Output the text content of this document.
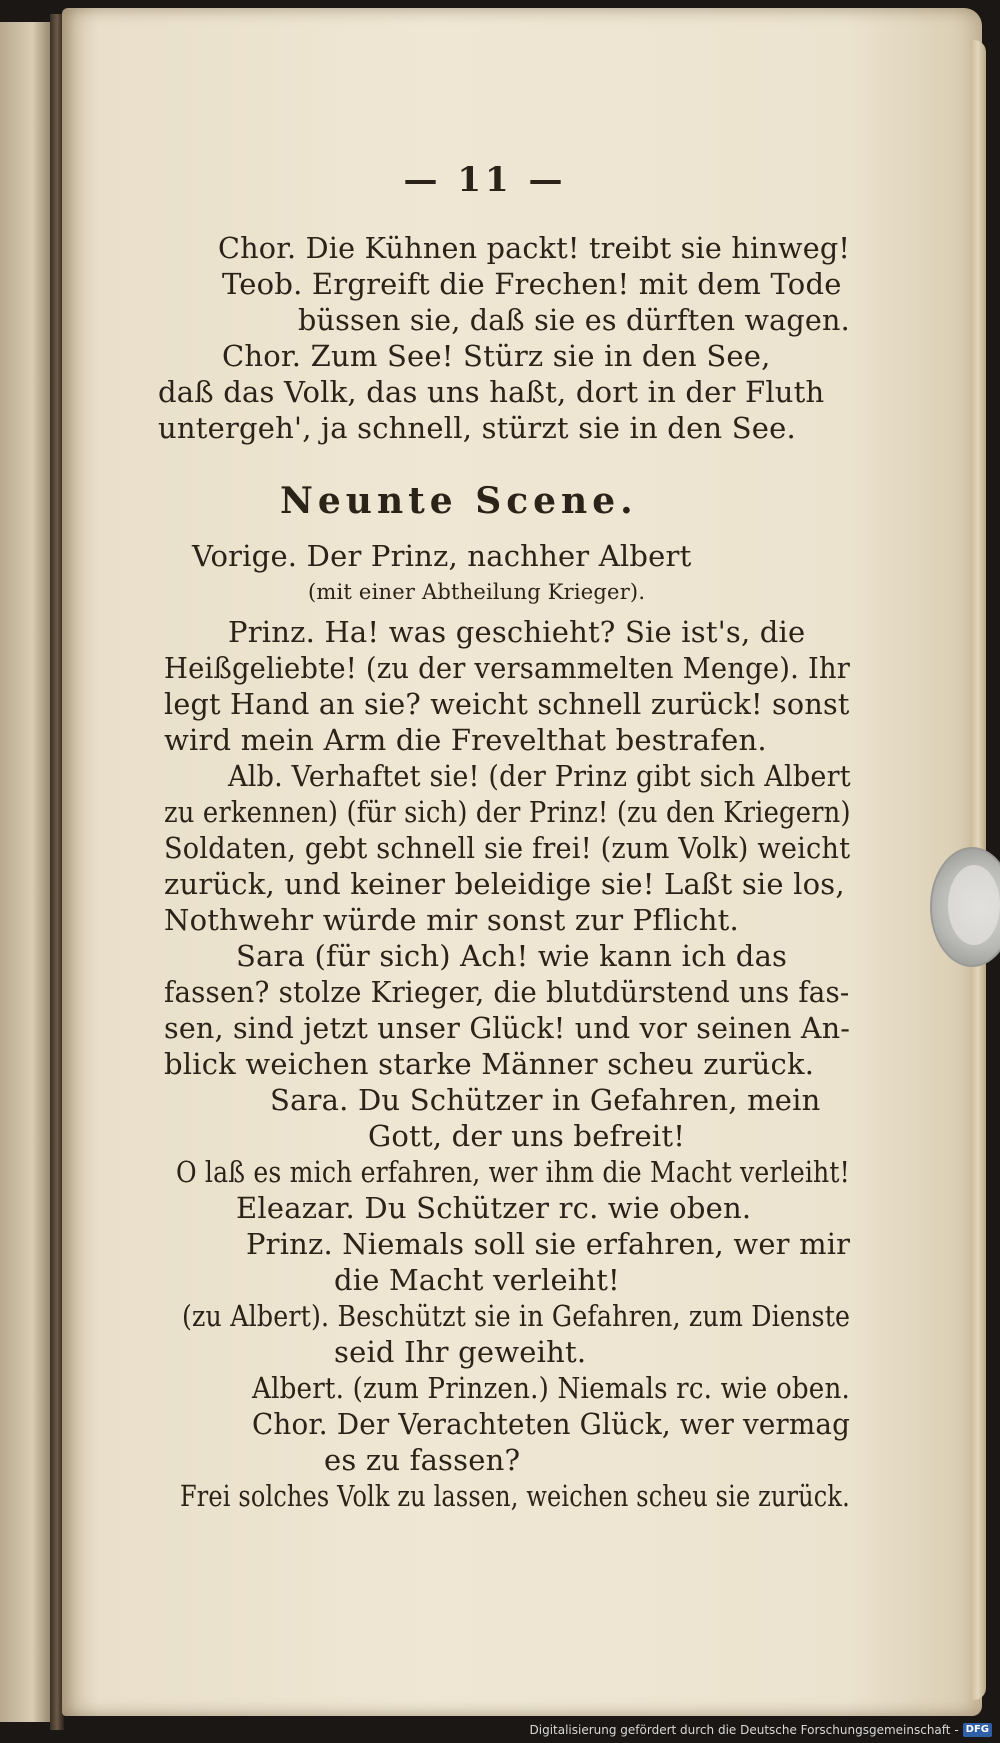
— 11 —
Chor. Die Kühnen packt! treibt sie hinweg!
Teob. Ergreift die Frechen! mit dem Tode
büssen sie, daß sie es dürften wagen.
Chor. Zum See! Stürz sie in den See,
daß das Volk, das uns haßt, dort in der Fluth
untergeh', ja schnell, stürzt sie in den See.
Neunte Scene.
Vorige. Der Prinz, nachher Albert
(mit einer Abtheilung Krieger).
Prinz. Ha! was geschieht? Sie ist's, die
Heißgeliebte! (zu der versammelten Menge). Ihr
legt Hand an sie? weicht schnell zurück! sonst
wird mein Arm die Frevelthat bestrafen.
Alb. Verhaftet sie! (der Prinz gibt sich Albert
zu erkennen) (für sich) der Prinz! (zu den Kriegern)
Soldaten, gebt schnell sie frei! (zum Volk) weicht
zurück, und keiner beleidige sie! Laßt sie los,
Nothwehr würde mir sonst zur Pflicht.
Sara (für sich) Ach! wie kann ich das
fassen? stolze Krieger, die blutdürstend uns fas-
sen, sind jetzt unser Glück! und vor seinen An-
blick weichen starke Männer scheu zurück.
Sara. Du Schützer in Gefahren, mein
Gott, der uns befreit!
O laß es mich erfahren, wer ihm die Macht verleiht!
Eleazar. Du Schützer rc. wie oben.
Prinz. Niemals soll sie erfahren, wer mir
die Macht verleiht!
(zu Albert). Beschützt sie in Gefahren, zum Dienste
seid Ihr geweiht.
Albert. (zum Prinzen.) Niemals rc. wie oben.
Chor. Der Verachteten Glück, wer vermag
es zu fassen?
Frei solches Volk zu lassen, weichen scheu sie zurück.
Digitalisierung gefördert durch die Deutsche Forschungsgemeinschaft - DFG
